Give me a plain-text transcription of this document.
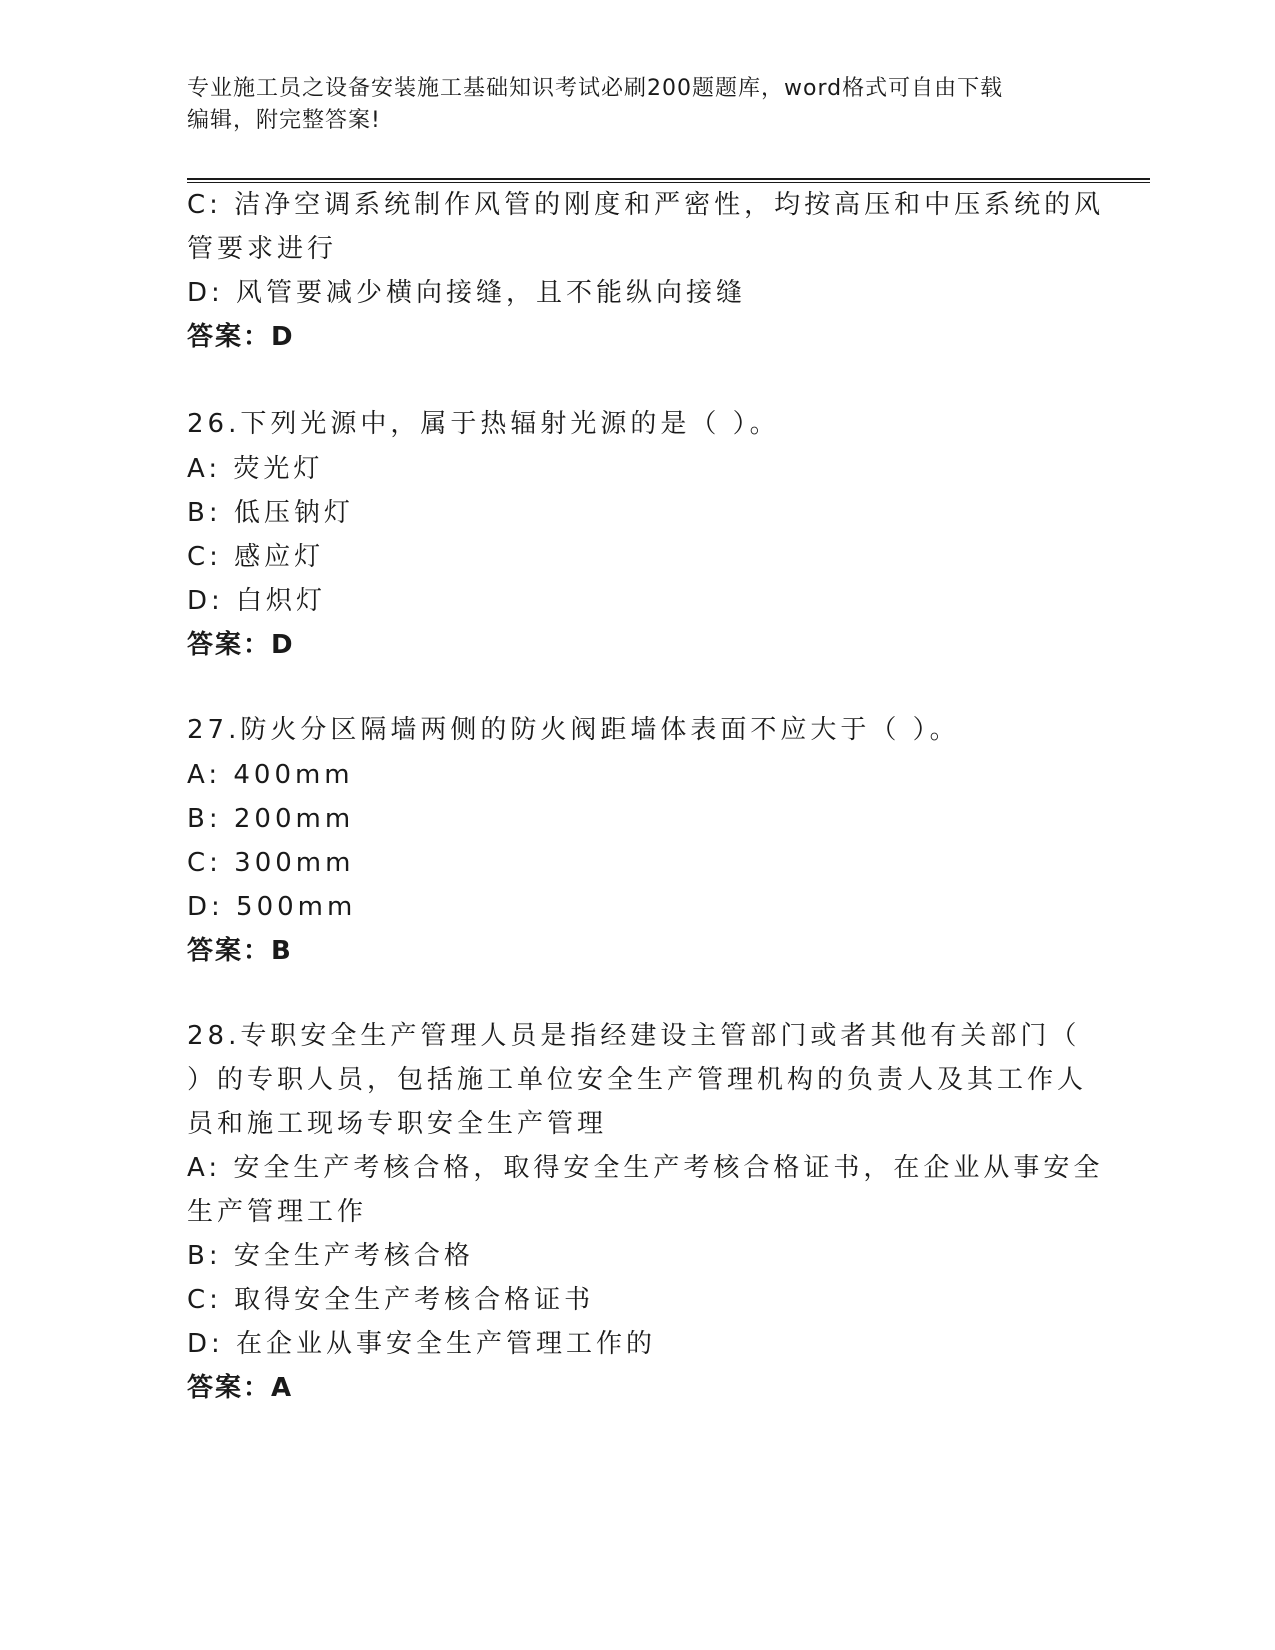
专业施工员之设备安装施工基础知识考试必刷200题题库，word格式可自由下载
编辑，附完整答案!
C: 洁净空调系统制作风管的刚度和严密性，均按高压和中压系统的风
管要求进行
D: 风管要减少横向接缝，且不能纵向接缝
答案：D
26.下列光源中，属于热辐射光源的是（ ）。
A: 荧光灯
B: 低压钠灯
C: 感应灯
D: 白炽灯
答案：D
27.防火分区隔墙两侧的防火阀距墙体表面不应大于（ ）。
A: 400mm
B: 200mm
C: 300mm
D: 500mm
答案：B
28.专职安全生产管理人员是指经建设主管部门或者其他有关部门（
）的专职人员，包括施工单位安全生产管理机构的负责人及其工作人
员和施工现场专职安全生产管理
A: 安全生产考核合格，取得安全生产考核合格证书，在企业从事安全
生产管理工作
B: 安全生产考核合格
C: 取得安全生产考核合格证书
D: 在企业从事安全生产管理工作的
答案：A
